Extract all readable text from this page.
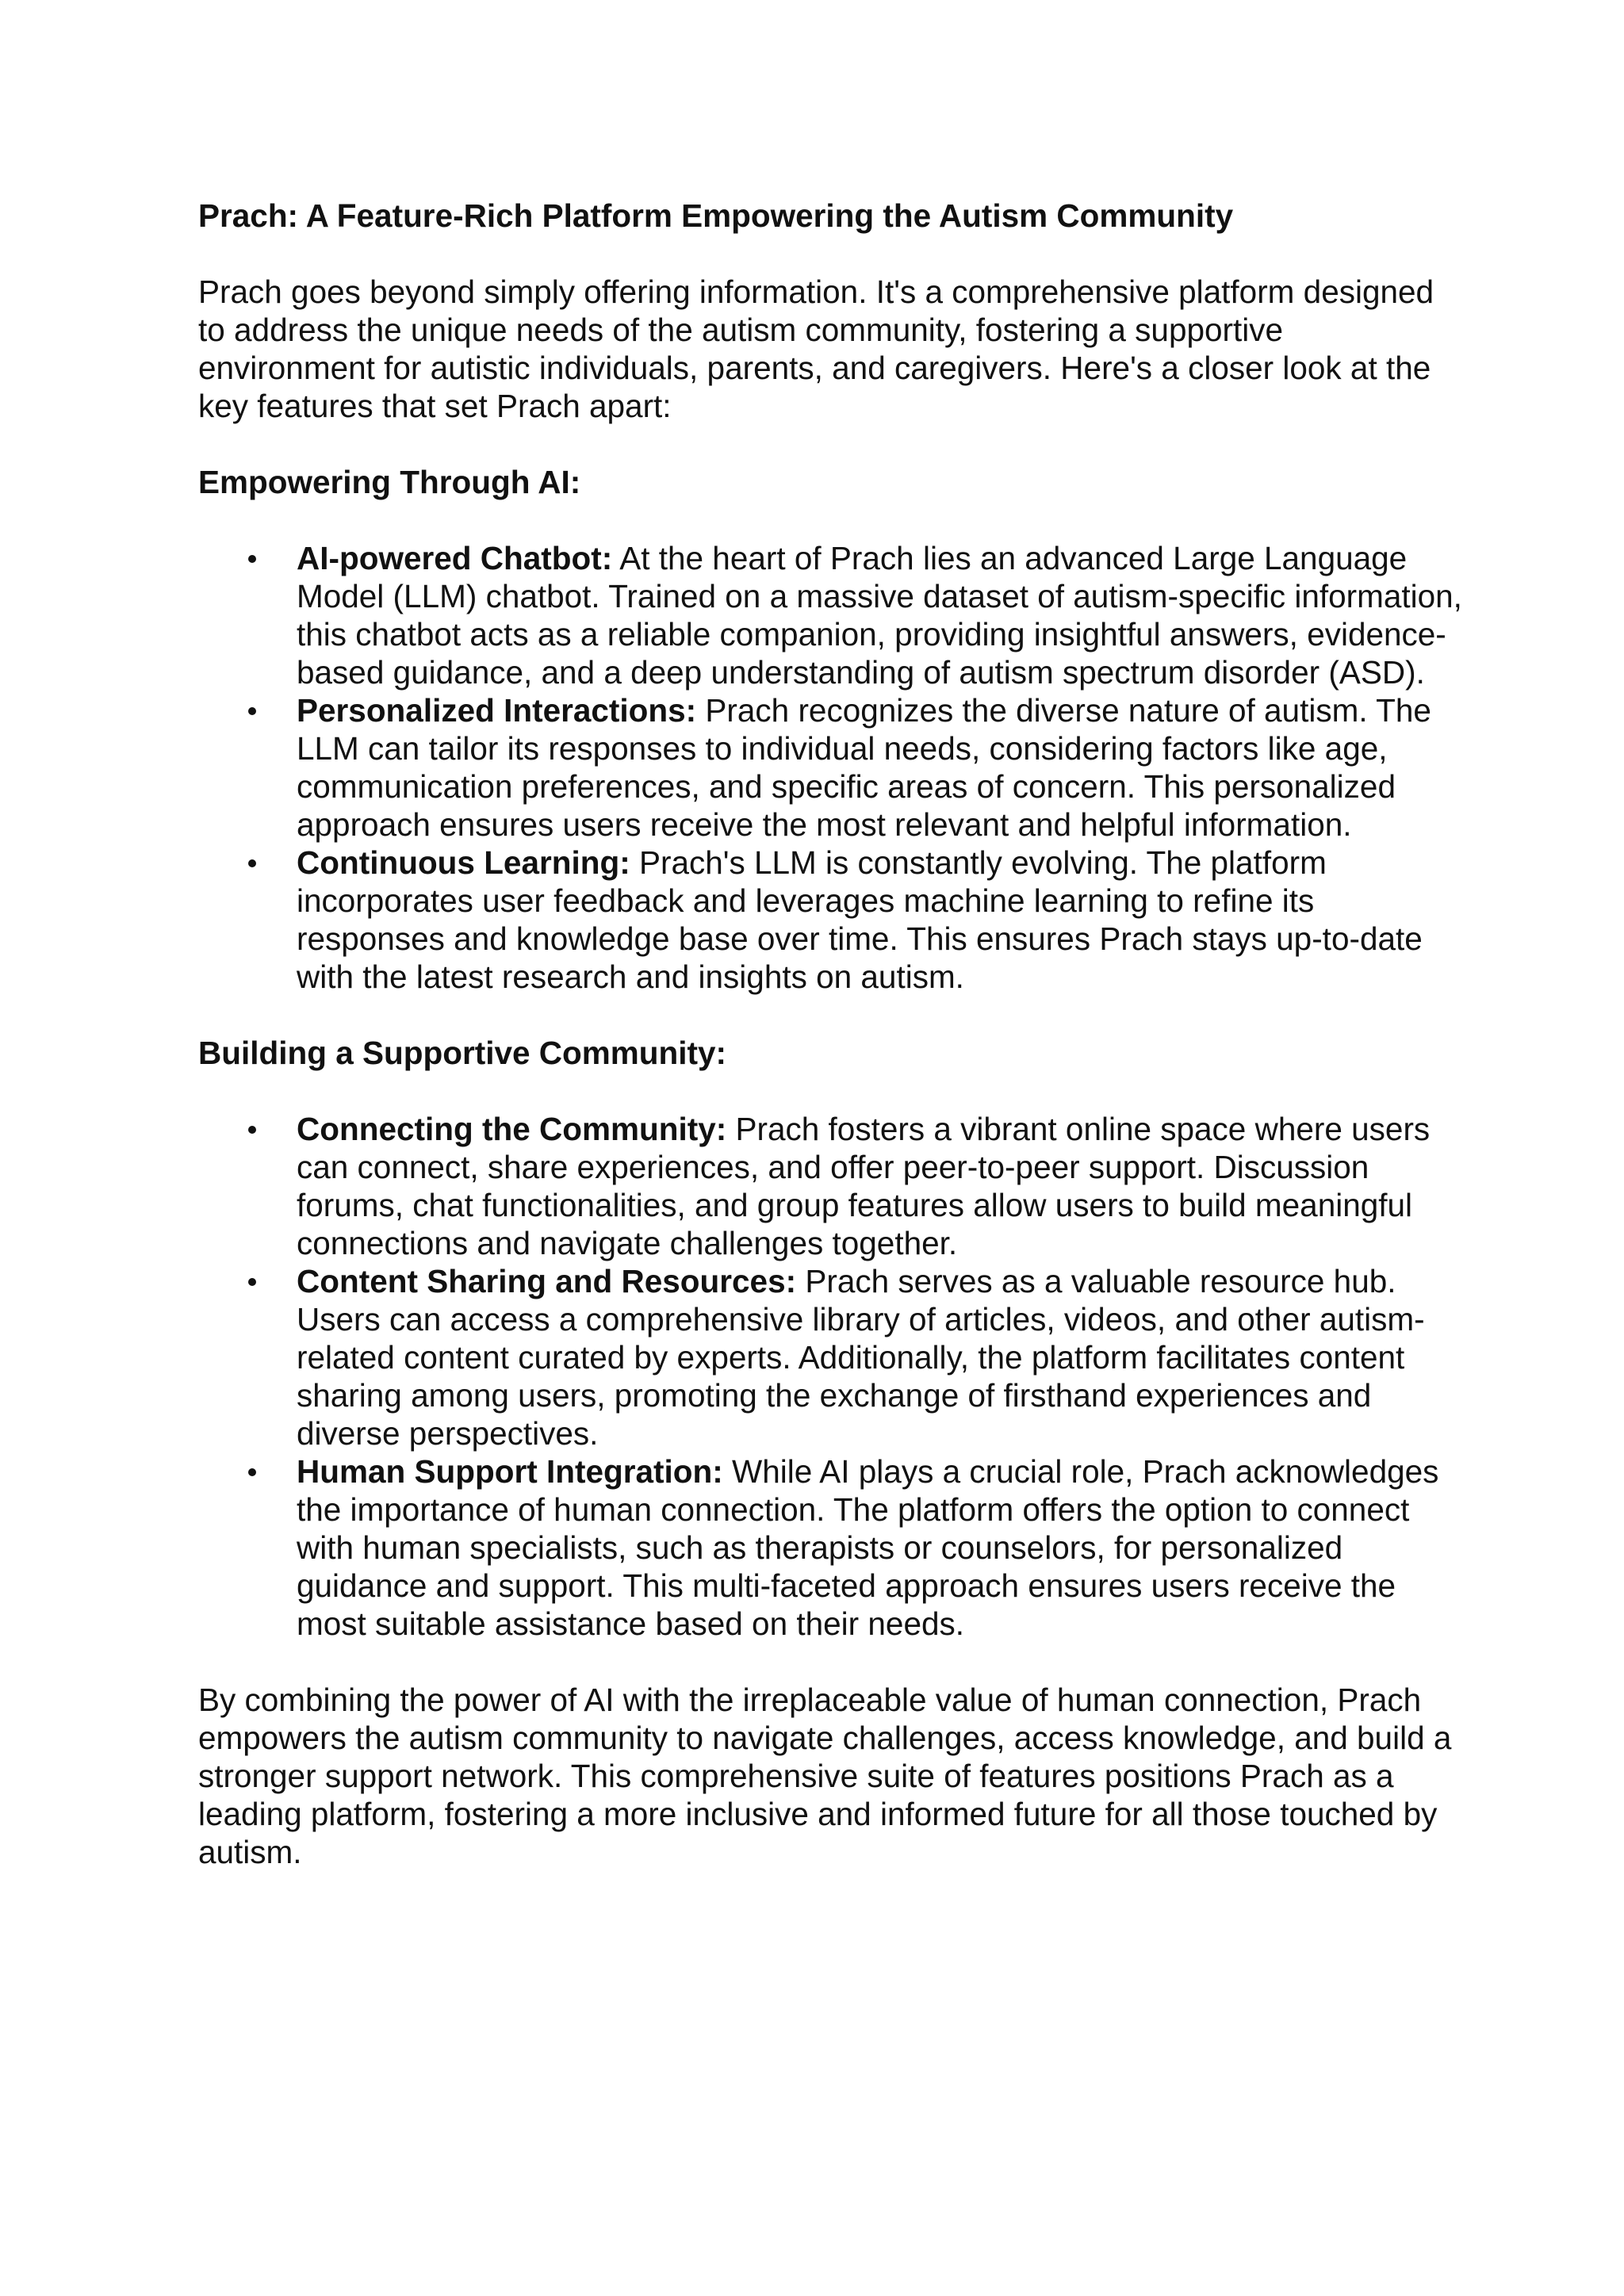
Prach: A Feature-Rich Platform Empowering the Autism Community

Prach goes beyond simply offering information. It's a comprehensive platform designed to address the unique needs of the autism community, fostering a supportive environment for autistic individuals, parents, and caregivers. Here's a closer look at the key features that set Prach apart:

Empowering Through AI:
AI-powered Chatbot: At the heart of Prach lies an advanced Large Language Model (LLM) chatbot. Trained on a massive dataset of autism-specific information, this chatbot acts as a reliable companion, providing insightful answers, evidence-based guidance, and a deep understanding of autism spectrum disorder (ASD).
Personalized Interactions: Prach recognizes the diverse nature of autism. The LLM can tailor its responses to individual needs, considering factors like age, communication preferences, and specific areas of concern. This personalized approach ensures users receive the most relevant and helpful information.
Continuous Learning: Prach's LLM is constantly evolving. The platform incorporates user feedback and leverages machine learning to refine its responses and knowledge base over time. This ensures Prach stays up-to-date with the latest research and insights on autism.
Building a Supportive Community:
Connecting the Community: Prach fosters a vibrant online space where users can connect, share experiences, and offer peer-to-peer support. Discussion forums, chat functionalities, and group features allow users to build meaningful connections and navigate challenges together.
Content Sharing and Resources: Prach serves as a valuable resource hub. Users can access a comprehensive library of articles, videos, and other autism-related content curated by experts. Additionally, the platform facilitates content sharing among users, promoting the exchange of firsthand experiences and diverse perspectives.
Human Support Integration: While AI plays a crucial role, Prach acknowledges the importance of human connection. The platform offers the option to connect with human specialists, such as therapists or counselors, for personalized guidance and support. This multi-faceted approach ensures users receive the most suitable assistance based on their needs.

By combining the power of AI with the irreplaceable value of human connection, Prach empowers the autism community to navigate challenges, access knowledge, and build a stronger support network. This comprehensive suite of features positions Prach as a leading platform, fostering a more inclusive and informed future for all those touched by autism.
